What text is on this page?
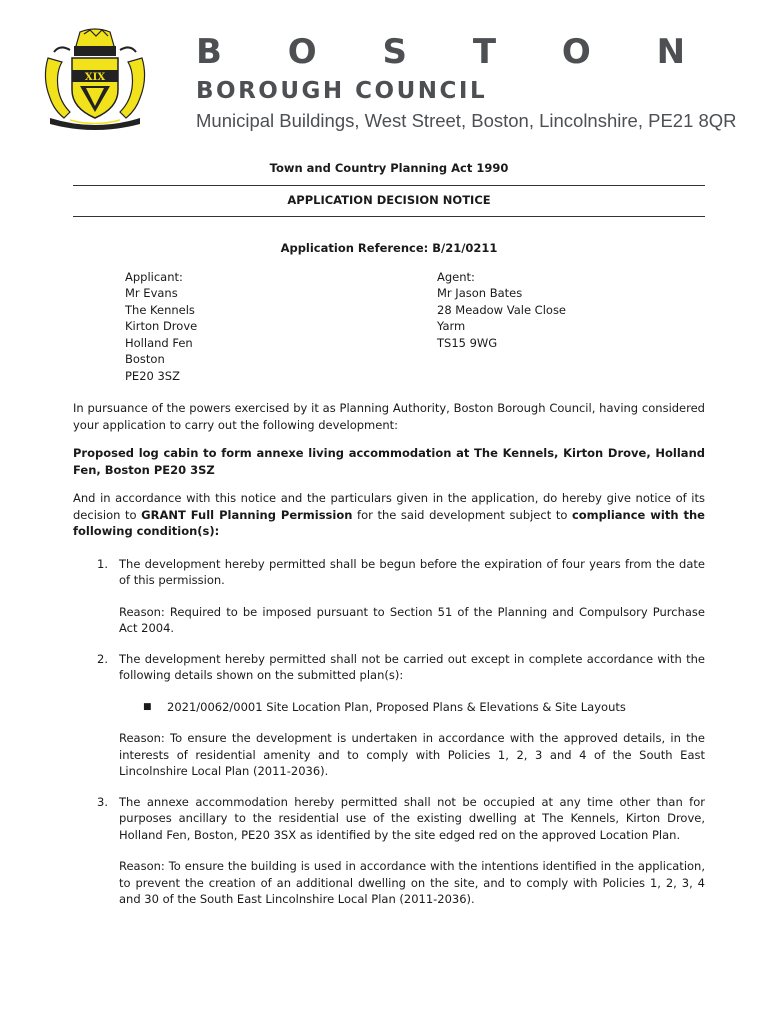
XIX
B O S T O N
BOROUGH COUNCIL
Municipal Buildings, West Street, Boston, Lincolnshire, PE21 8QR
Town and Country Planning Act 1990
APPLICATION DECISION NOTICE
Application Reference: B/21/0211
Applicant:
Mr Evans
The Kennels
Kirton Drove
Holland Fen
Boston
PE20 3SZ
Agent:
Mr Jason Bates
28 Meadow Vale Close
Yarm
TS15 9WG

In pursuance of the powers exercised by it as Planning Authority, Boston Borough Council, having considered your application to carry out the following development:

Proposed log cabin to form annexe living accommodation at The Kennels, Kirton Drove, Holland Fen, Boston PE20 3SZ

And in accordance with this notice and the particulars given in the application, do hereby give notice of its decision to GRANT Full Planning Permission for the said development subject to compliance with the following condition(s):

1. The development hereby permitted shall be begun before the expiration of four years from the date of this permission.

Reason: Required to be imposed pursuant to Section 51 of the Planning and Compulsory Purchase Act 2004.

2. The development hereby permitted shall not be carried out except in complete accordance with the following details shown on the submitted plan(s):

■	2021/0062/0001 Site Location Plan, Proposed Plans & Elevations & Site Layouts

Reason: To ensure the development is undertaken in accordance with the approved details, in the interests of residential amenity and to comply with Policies 1, 2, 3 and 4 of the South East Lincolnshire Local Plan (2011-2036).

3. The annexe accommodation hereby permitted shall not be occupied at any time other than for purposes ancillary to the residential use of the existing dwelling at The Kennels, Kirton Drove, Holland Fen, Boston, PE20 3SX as identified by the site edged red on the approved Location Plan.

Reason: To ensure the building is used in accordance with the intentions identified in the application, to prevent the creation of an additional dwelling on the site, and to comply with Policies 1, 2, 3, 4 and 30 of the South East Lincolnshire Local Plan (2011-2036).
